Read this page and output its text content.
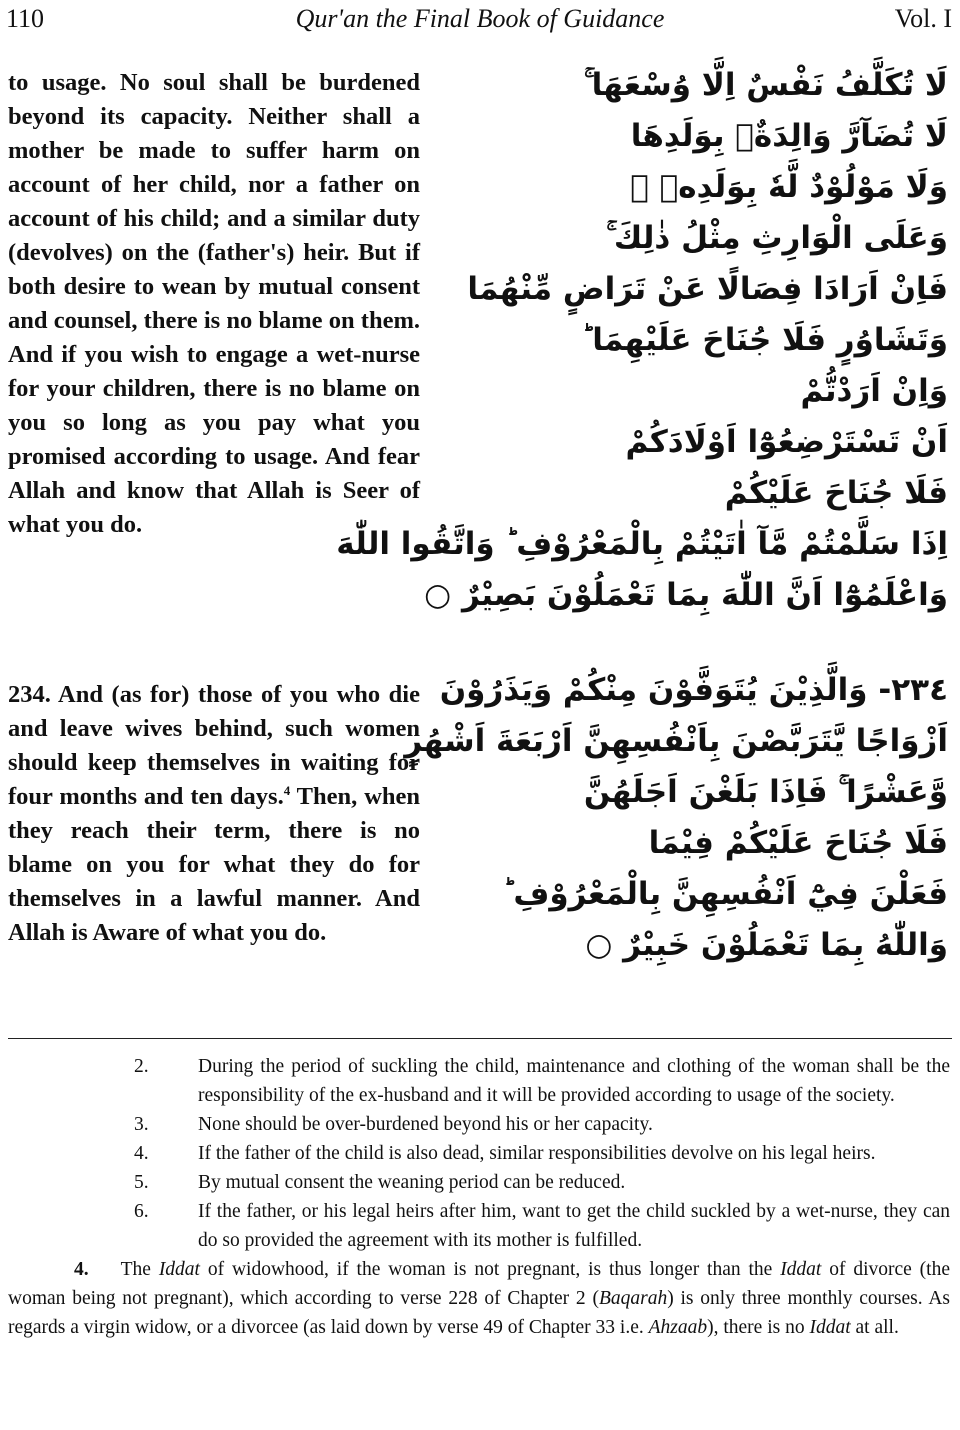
110	Qur'an the Final Book of Guidance	Vol. I
to usage. No soul shall be burdened beyond its capacity. Neither shall a mother be made to suffer harm on account of her child, nor a father on account of his child; and a similar duty (devolves) on the (father's) heir. But if both desire to wean by mutual consent and counsel, there is no blame on them. And if you wish to engage a wet-nurse for your children, there is no blame on you so long as you pay what you promised according to usage. And fear Allah and know that Allah is Seer of what you do.
234. And (as for) those of you who die and leave wives behind, such women should keep themselves in waiting for four months and ten days.$^4$ Then, when they reach their term, there is no blame on you for what they do for themselves in a lawful manner. And Allah is Aware of what you do.
لَا تُكَلَّفُ نَفْسٌ اِلَّا وُسْعَهَا ۚ
لَا تُضَآرَّ وَالِدَةٌۢ بِوَلَدِهَا
وَلَا مَوْلُوْدٌ لَّهٗ بِوَلَدِهٖ ۗ
وَعَلَى الْوَارِثِ مِثْلُ ذٰلِكَ ۚ
فَاِنْ اَرَادَا فِصَالًا عَنْ تَرَاضٍ مِّنْهُمَا
وَتَشَاوُرٍ فَلَا جُنَاحَ عَلَيْهِمَا ؕ
وَاِنْ اَرَدْتُّمْ
اَنْ تَسْتَرْضِعُوْٓا اَوْلَادَكُمْ
فَلَا جُنَاحَ عَلَيْكُمْ
اِذَا سَلَّمْتُمْ مَّآ اٰتَيْتُمْ بِالْمَعْرُوْفِ ؕ وَاتَّقُوا اللّٰهَ
وَاعْلَمُوْٓا اَنَّ اللّٰهَ بِمَا تَعْمَلُوْنَ بَصِيْرٌ ○
٢٣٤- وَالَّذِيْنَ يُتَوَفَّوْنَ مِنْكُمْ وَيَذَرُوْنَ
اَزْوَاجًا يَّتَرَبَّصْنَ بِاَنْفُسِهِنَّ اَرْبَعَةَ اَشْهُرٍ
وَّعَشْرًا ۚ فَاِذَا بَلَغْنَ اَجَلَهُنَّ
فَلَا جُنَاحَ عَلَيْكُمْ فِيْمَا
فَعَلْنَ فِيْٓ اَنْفُسِهِنَّ بِالْمَعْرُوْفِ ؕ
وَاللّٰهُ بِمَا تَعْمَلُوْنَ خَبِيْرٌ ○
2.	During the period of suckling the child, maintenance and clothing of the woman shall be the responsibility of the ex-husband and it will be provided according to usage of the society.
3.	None should be over-burdened beyond his or her capacity.
4.	If the father of the child is also dead, similar responsibilities devolve on his legal heirs.
5.	By mutual consent the weaning period can be reduced.
6.	If the father, or his legal heirs after him, want to get the child suckled by a wet-nurse, they can do so provided the agreement with its mother is fulfilled.
4. The Iddat of widowhood, if the woman is not pregnant, is thus longer than the Iddat of divorce (the woman being not pregnant), which according to verse 228 of Chapter 2 (Baqarah) is only three monthly courses. As regards a virgin widow, or a divorcee (as laid down by verse 49 of Chapter 33 i.e. Ahzaab), there is no Iddat at all.
